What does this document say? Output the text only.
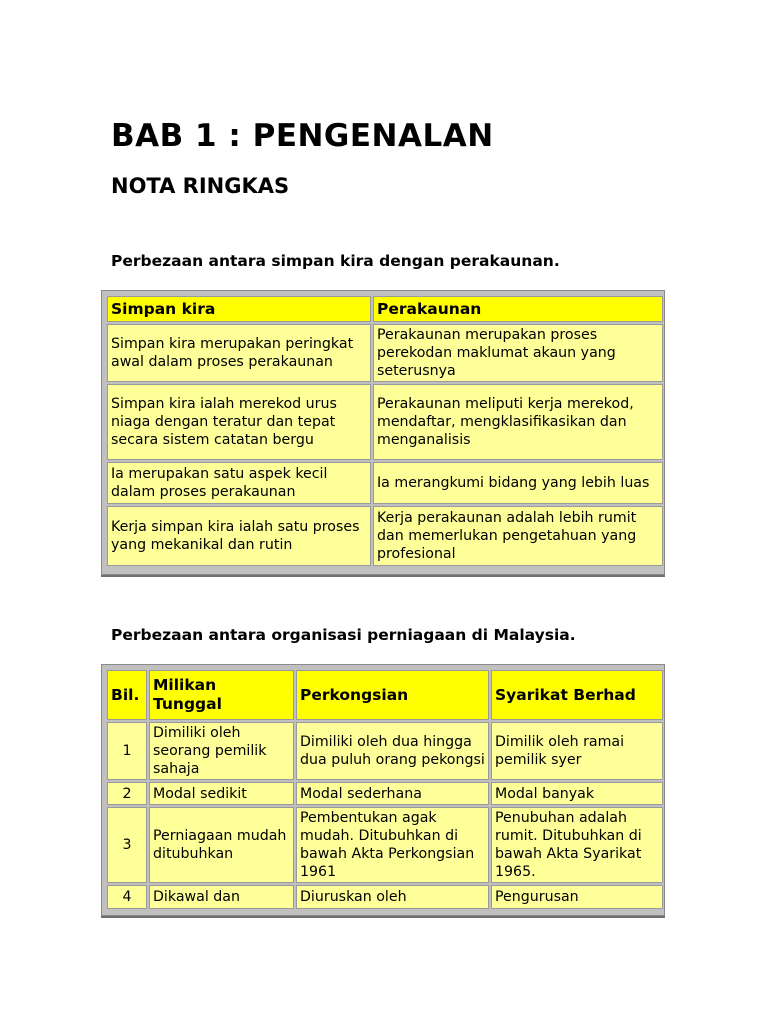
BAB 1 : PENGENALAN
NOTA RINGKAS

Perbezaan antara simpan kira dengan perakaunan.

Simpan kira	Perakaunan
Simpan kira merupakan peringkat awal dalam proses perakaunan	Perakaunan merupakan proses perekodan maklumat akaun yang seterusnya
Simpan kira ialah merekod urus niaga dengan teratur dan tepat secara sistem catatan bergu	Perakaunan meliputi kerja merekod, mendaftar, mengklasifikasikan dan menganalisis
Ia merupakan satu aspek kecil dalam proses perakaunan	Ia merangkumi bidang yang lebih luas
Kerja simpan kira ialah satu proses yang mekanikal dan rutin	Kerja perakaunan adalah lebih rumit dan memerlukan pengetahuan yang profesional

Perbezaan antara organisasi perniagaan di Malaysia.

Bil.	Milikan Tunggal	Perkongsian	Syarikat Berhad
1	Dimiliki oleh seorang pemilik sahaja	Dimiliki oleh dua hingga dua puluh orang pekongsi	Dimilik oleh ramai pemilik syer
2	Modal sedikit	Modal sederhana	Modal banyak
3	Perniagaan mudah ditubuhkan	Pembentukan agak mudah. Ditubuhkan di bawah Akta Perkongsian 1961	Penubuhan adalah rumit. Ditubuhkan di bawah Akta Syarikat 1965.
4	Dikawal dan	Diuruskan oleh	Pengurusan
